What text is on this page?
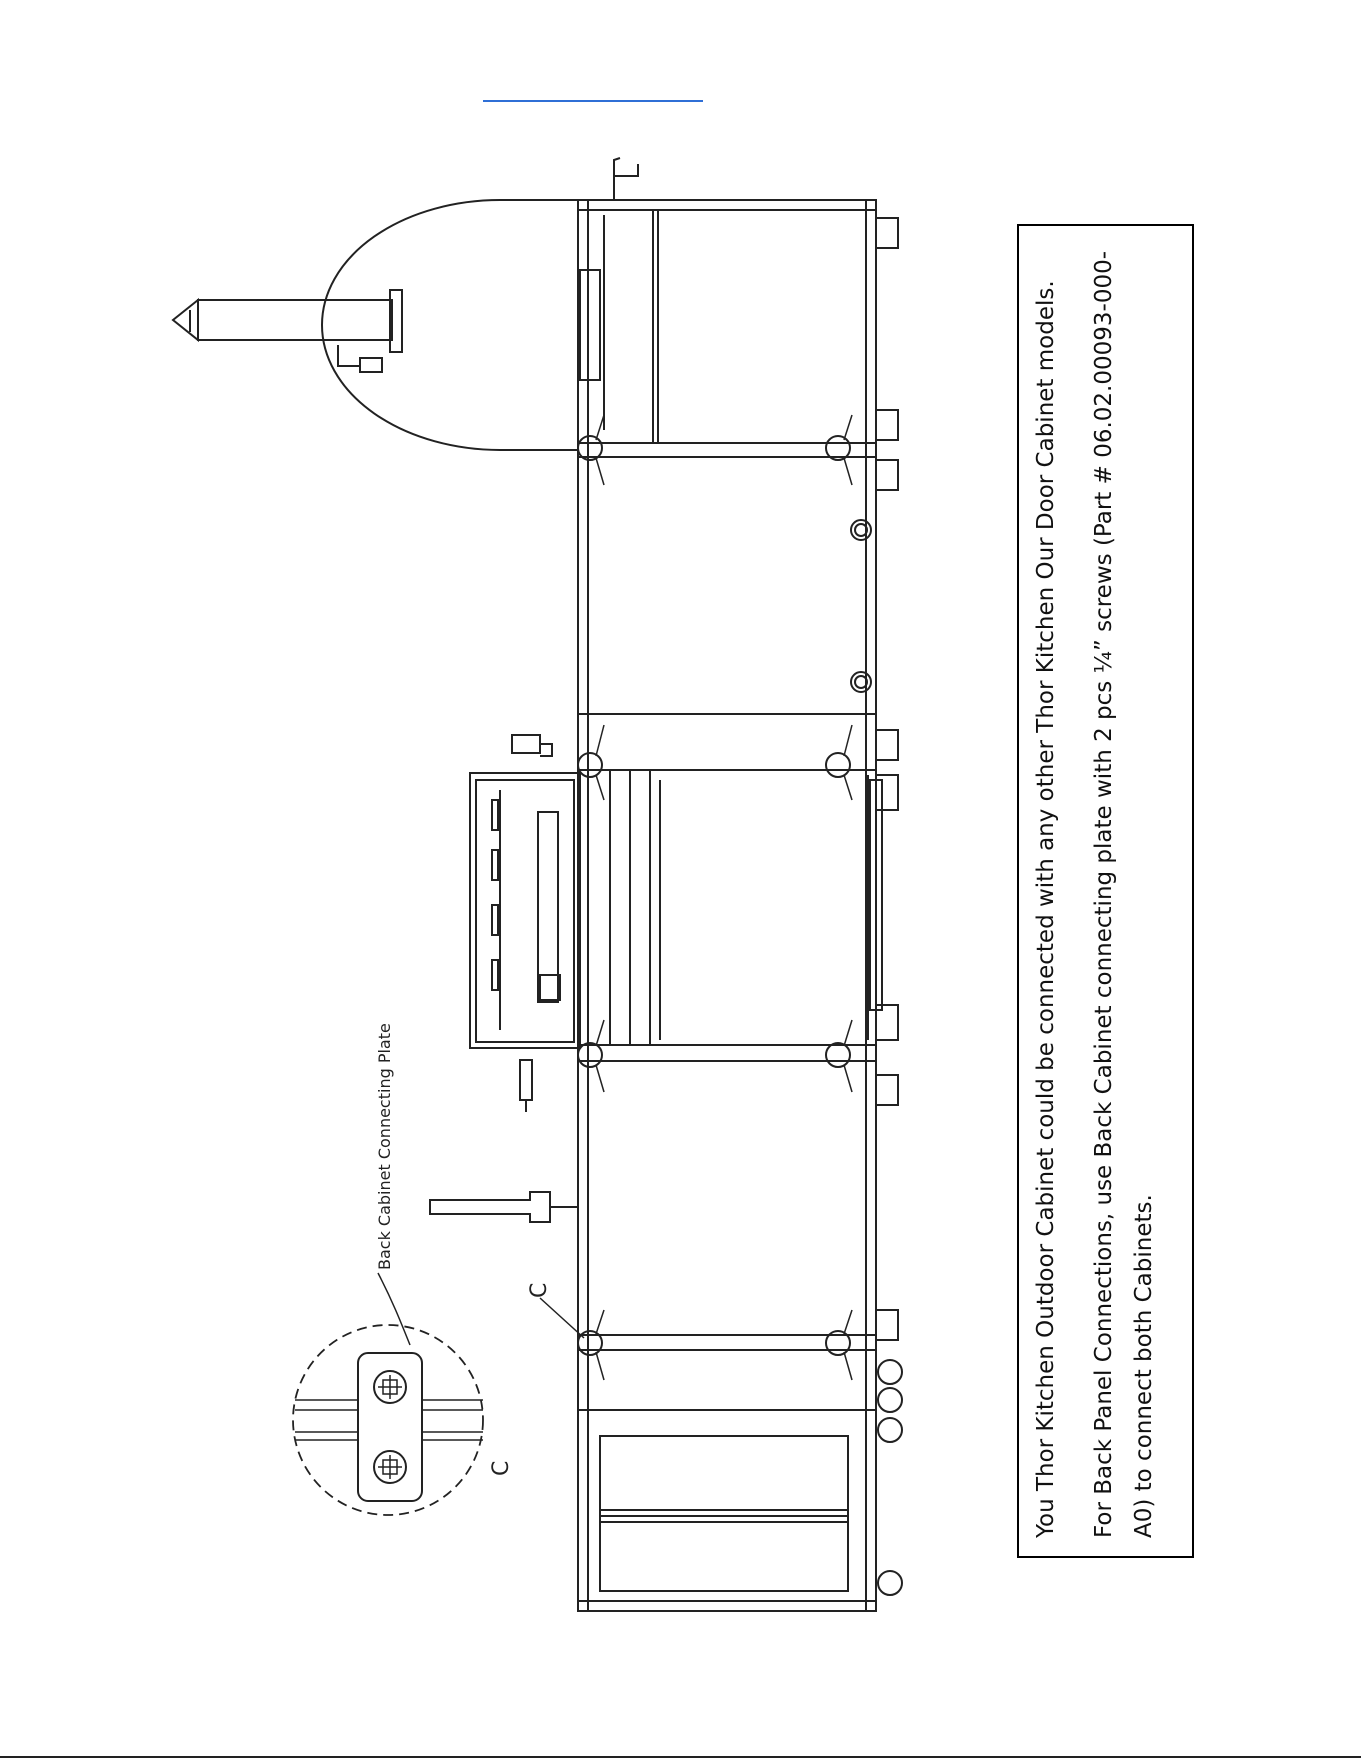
Back Cabinet Connecting Plate
C
C	You Thor Kitchen Outdoor Cabinet could be connected with any other Thor Kitchen Our Door Cabinet models.	For Back Panel Connections, use Back Cabinet connecting plate with 2 pcs ¼” screws (Part # 06.02.00093-000-A0) to connect both Cabinets.
